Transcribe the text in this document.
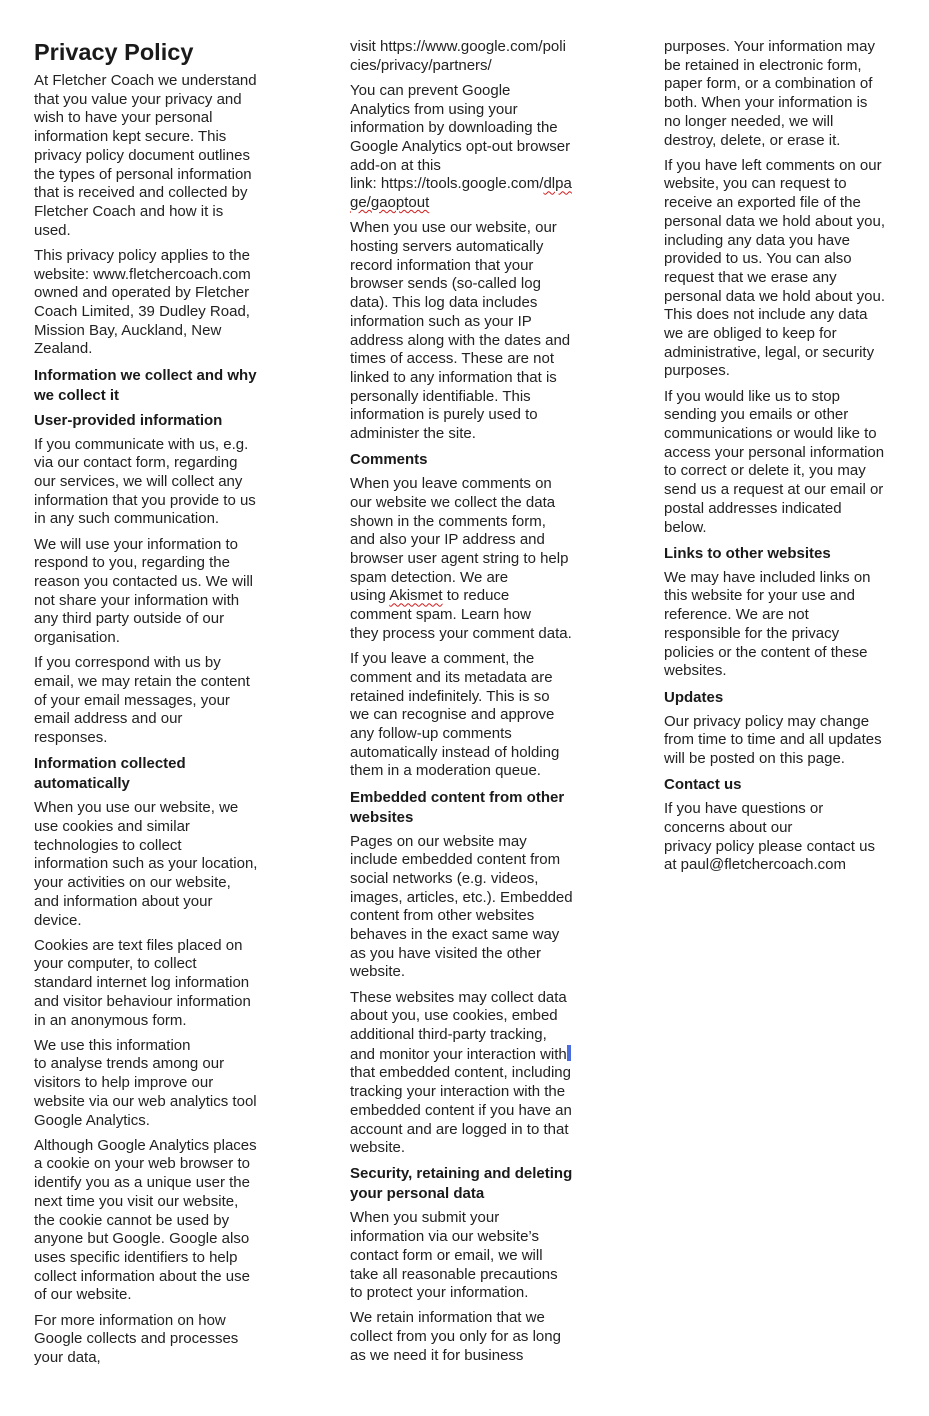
Privacy Policy

At Fletcher Coach we understand
that you value your privacy and
wish to have your personal
information kept secure. This
privacy policy document outlines
the types of personal information
that is received and collected by
Fletcher Coach and how it is
used.

This privacy policy applies to the
website: www.fletchercoach.com
owned and operated by Fletcher
Coach Limited, 39 Dudley Road,
Mission Bay, Auckland, New
Zealand.

Information we collect and why
we collect it
User-provided information

If you communicate with us, e.g.
via our contact form, regarding
our services, we will collect any
information that you provide to us
in any such communication.

We will use your information to
respond to you, regarding the
reason you contacted us. We will
not share your information with
any third party outside of our
organisation.

If you correspond with us by
email, we may retain the content
of your email messages, your
email address and our
responses.

Information collected
automatically

When you use our website, we
use cookies and similar
technologies to collect
information such as your location,
your activities on our website,
and information about your
device.

Cookies are text files placed on
your computer, to collect
standard internet log information
and visitor behaviour information
in an anonymous form.

We use this information
to analyse trends among our
visitors to help improve our
website via our web analytics tool
Google Analytics.

Although Google Analytics places
a cookie on your web browser to
identify you as a unique user the
next time you visit our website,
the cookie cannot be used by
anyone but Google. Google also
uses specific identifiers to help
collect information about the use
of our website.

For more information on how
Google collects and processes
your data,

visit https://www.google.com/poli
cies/privacy/partners/

You can prevent Google
Analytics from using your
information by downloading the
Google Analytics opt-out browser
add-on at this
link: https://tools.google.com/dlpa
ge/gaoptout

When you use our website, our
hosting servers automatically
record information that your
browser sends (so-called log
data). This log data includes
information such as your IP
address along with the dates and
times of access. These are not
linked to any information that is
personally identifiable. This
information is purely used to
administer the site.

Comments

When you leave comments on
our website we collect the data
shown in the comments form,
and also your IP address and
browser user agent string to help
spam detection. We are
using Akismet to reduce
comment spam. Learn how
they process your comment data.

If you leave a comment, the
comment and its metadata are
retained indefinitely. This is so
we can recognise and approve
any follow-up comments
automatically instead of holding
them in a moderation queue.

Embedded content from other
websites

Pages on our website may
include embedded content from
social networks (e.g. videos,
images, articles, etc.). Embedded
content from other websites
behaves in the exact same way
as you have visited the other
website.

These websites may collect data
about you, use cookies, embed
additional third-party tracking,
and monitor your interaction with
that embedded content, including
tracking your interaction with the
embedded content if you have an
account and are logged in to that
website.

Security, retaining and deleting
your personal data

When you submit your
information via our website’s
contact form or email, we will
take all reasonable precautions
to protect your information.

We retain information that we
collect from you only for as long
as we need it for business

purposes. Your information may
be retained in electronic form,
paper form, or a combination of
both. When your information is
no longer needed, we will
destroy, delete, or erase it.

If you have left comments on our
website, you can request to
receive an exported file of the
personal data we hold about you,
including any data you have
provided to us. You can also
request that we erase any
personal data we hold about you.
This does not include any data
we are obliged to keep for
administrative, legal, or security
purposes.

If you would like us to stop
sending you emails or other
communications or would like to
access your personal information
to correct or delete it, you may
send us a request at our email or
postal addresses indicated
below.

Links to other websites

We may have included links on
this website for your use and
reference. We are not
responsible for the privacy
policies or the content of these
websites.

Updates

Our privacy policy may change
from time to time and all updates
will be posted on this page.

Contact us

If you have questions or
concerns about our
privacy policy please contact us
at paul@fletchercoach.com
